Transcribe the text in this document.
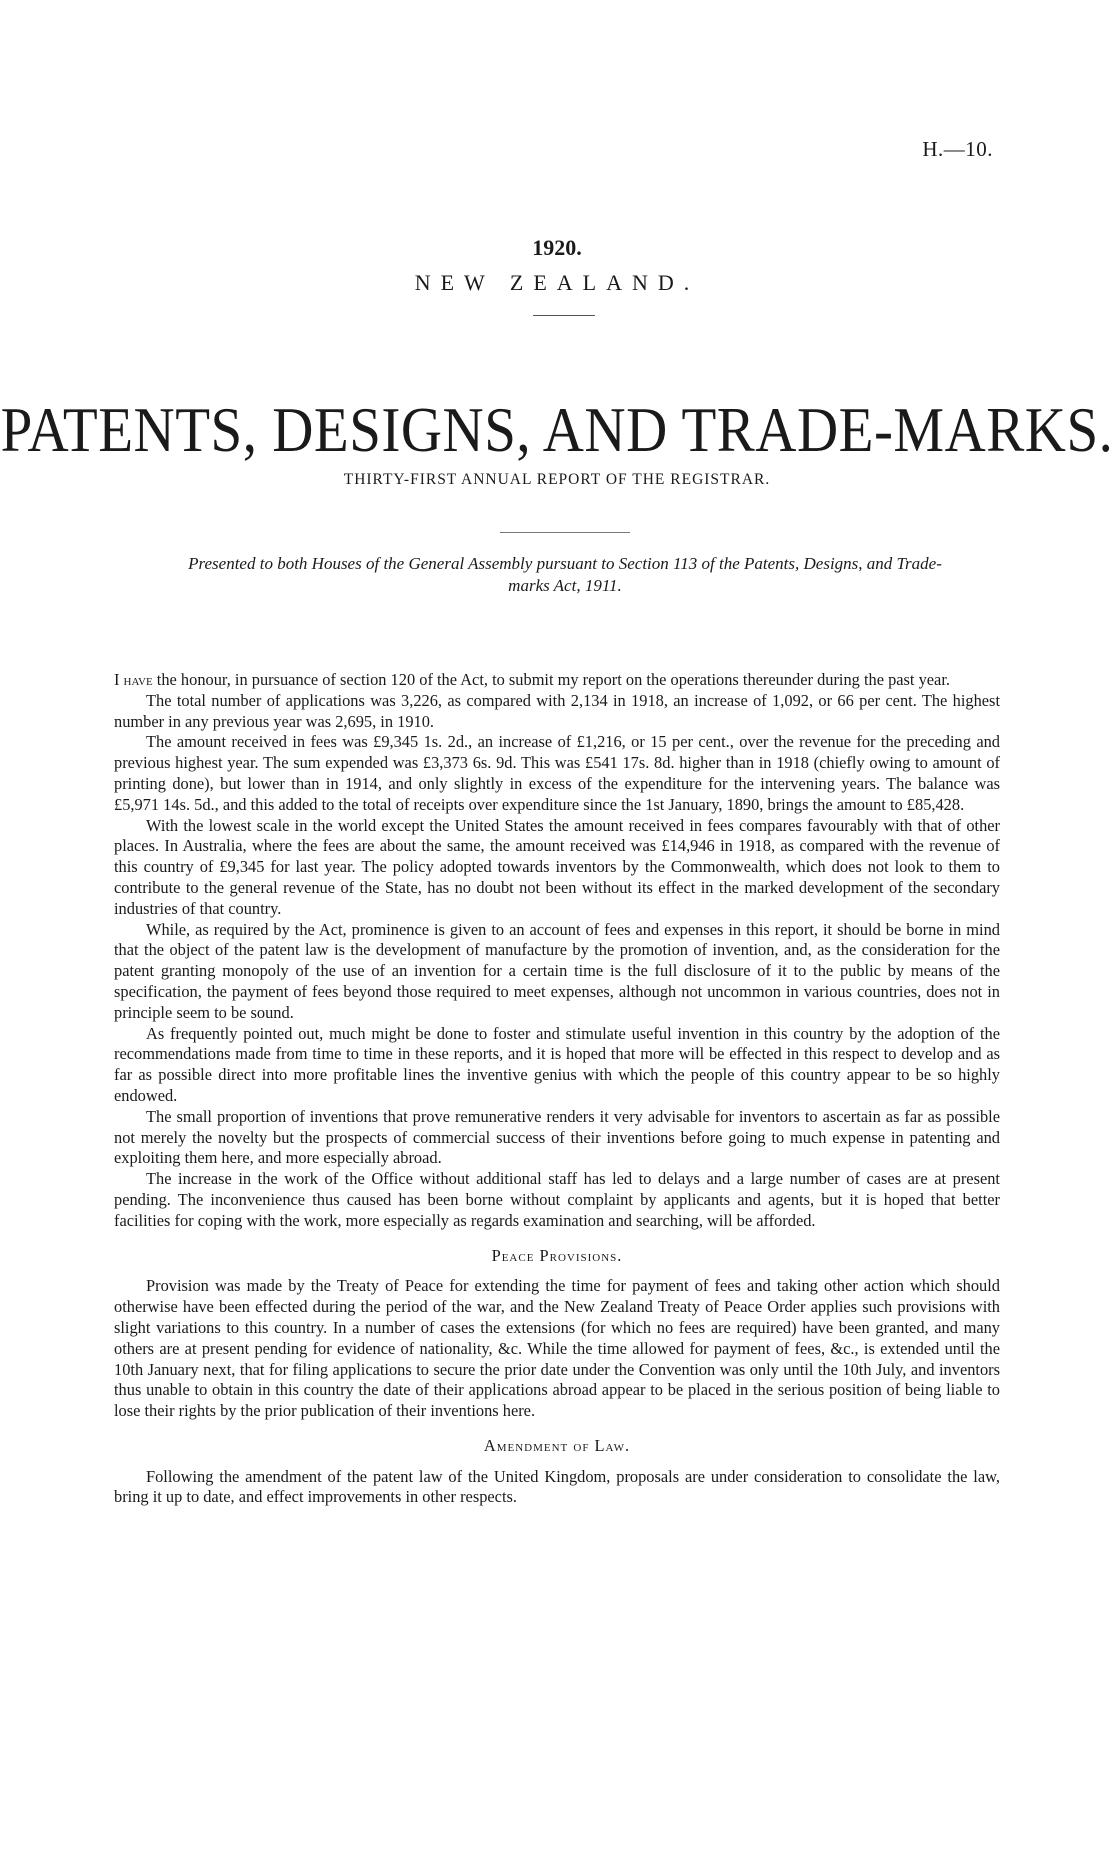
H.—10.
1920.
NEW ZEALAND.
PATENTS, DESIGNS, AND TRADE-MARKS.
THIRTY-FIRST ANNUAL REPORT OF THE REGISTRAR.
Presented to both Houses of the General Assembly pursuant to Section 113 of the Patents, Designs, and Trade-marks Act, 1911.

I have the honour, in pursuance of section 120 of the Act, to submit my report on the operations thereunder during the past year.

The total number of applications was 3,226, as compared with 2,134 in 1918, an increase of 1,092, or 66 per cent. The highest number in any previous year was 2,695, in 1910.

The amount received in fees was £9,345 1s. 2d., an increase of £1,216, or 15 per cent., over the revenue for the preceding and previous highest year. The sum expended was £3,373 6s. 9d. This was £541 17s. 8d. higher than in 1918 (chiefly owing to amount of printing done), but lower than in 1914, and only slightly in excess of the expenditure for the intervening years. The balance was £5,971 14s. 5d., and this added to the total of receipts over expenditure since the 1st January, 1890, brings the amount to £85,428.

With the lowest scale in the world except the United States the amount received in fees compares favourably with that of other places. In Australia, where the fees are about the same, the amount received was £14,946 in 1918, as compared with the revenue of this country of £9,345 for last year. The policy adopted towards inventors by the Commonwealth, which does not look to them to contribute to the general revenue of the State, has no doubt not been without its effect in the marked development of the secondary industries of that country.

While, as required by the Act, prominence is given to an account of fees and expenses in this report, it should be borne in mind that the object of the patent law is the development of manufacture by the promotion of invention, and, as the consideration for the patent granting monopoly of the use of an invention for a certain time is the full disclosure of it to the public by means of the specification, the payment of fees beyond those required to meet expenses, although not uncommon in various countries, does not in principle seem to be sound.

As frequently pointed out, much might be done to foster and stimulate useful invention in this country by the adoption of the recommendations made from time to time in these reports, and it is hoped that more will be effected in this respect to develop and as far as possible direct into more profitable lines the inventive genius with which the people of this country appear to be so highly endowed.

The small proportion of inventions that prove remunerative renders it very advisable for inventors to ascertain as far as possible not merely the novelty but the prospects of commercial success of their inventions before going to much expense in patenting and exploiting them here, and more especially abroad.

The increase in the work of the Office without additional staff has led to delays and a large number of cases are at present pending. The inconvenience thus caused has been borne without complaint by applicants and agents, but it is hoped that better facilities for coping with the work, more especially as regards examination and searching, will be afforded.

Peace Provisions.

Provision was made by the Treaty of Peace for extending the time for payment of fees and taking other action which should otherwise have been effected during the period of the war, and the New Zealand Treaty of Peace Order applies such provisions with slight variations to this country. In a number of cases the extensions (for which no fees are required) have been granted, and many others are at present pending for evidence of nationality, &c. While the time allowed for payment of fees, &c., is extended until the 10th January next, that for filing applications to secure the prior date under the Convention was only until the 10th July, and inventors thus unable to obtain in this country the date of their applications abroad appear to be placed in the serious position of being liable to lose their rights by the prior publication of their inventions here.

Amendment of Law.

Following the amendment of the patent law of the United Kingdom, proposals are under consideration to consolidate the law, bring it up to date, and effect improvements in other respects.
